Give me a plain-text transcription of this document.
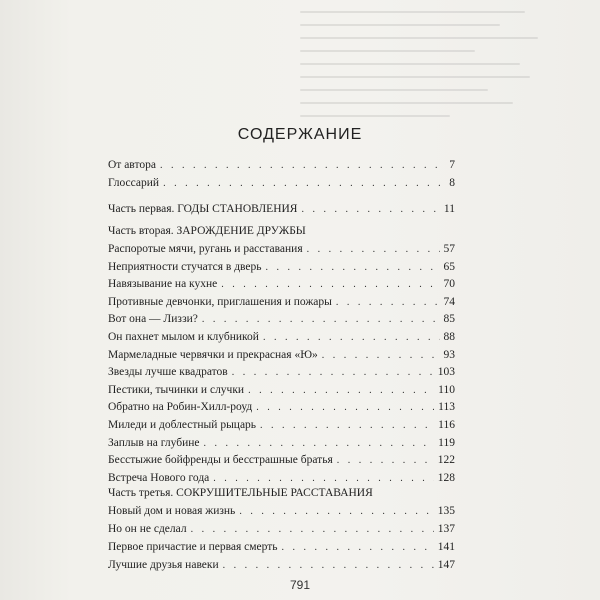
СОДЕРЖАНИЕ
От автора . . .	7
Глоссарий . . .	8
Часть первая. ГОДЫ СТАНОВЛЕНИЯ . . .	11
Часть вторая. ЗАРОЖДЕНИЕ ДРУЖБЫ
Распоротые мячи, ругань и расставания . . .	57
Неприятности стучатся в дверь . . .	65
Навязывание на кухне . . .	70
Противные девчонки, приглашения и пожары . . .	74
Вот она — Лиззи? . . .	85
Он пахнет мылом и клубникой . . .	88
Мармеладные червячки и прекрасная «Ю» . . .	93
Звезды лучше квадратов . . .	103
Пестики, тычинки и случки . . .	110
Обратно на Робин-Хилл-роуд . . .	113
Миледи и доблестный рыцарь . . .	116
Заплыв на глубине . . .	119
Бесстыжие бойфренды и бесстрашные братья . . .	122
Встреча Нового года . . .	128
Часть третья. СОКРУШИТЕЛЬНЫЕ РАССТАВАНИЯ
Новый дом и новая жизнь . . .	135
Но он не сделал . . .	137
Первое причастие и первая смерть . . .	141
Лучшие друзья навеки . . .	147
791
